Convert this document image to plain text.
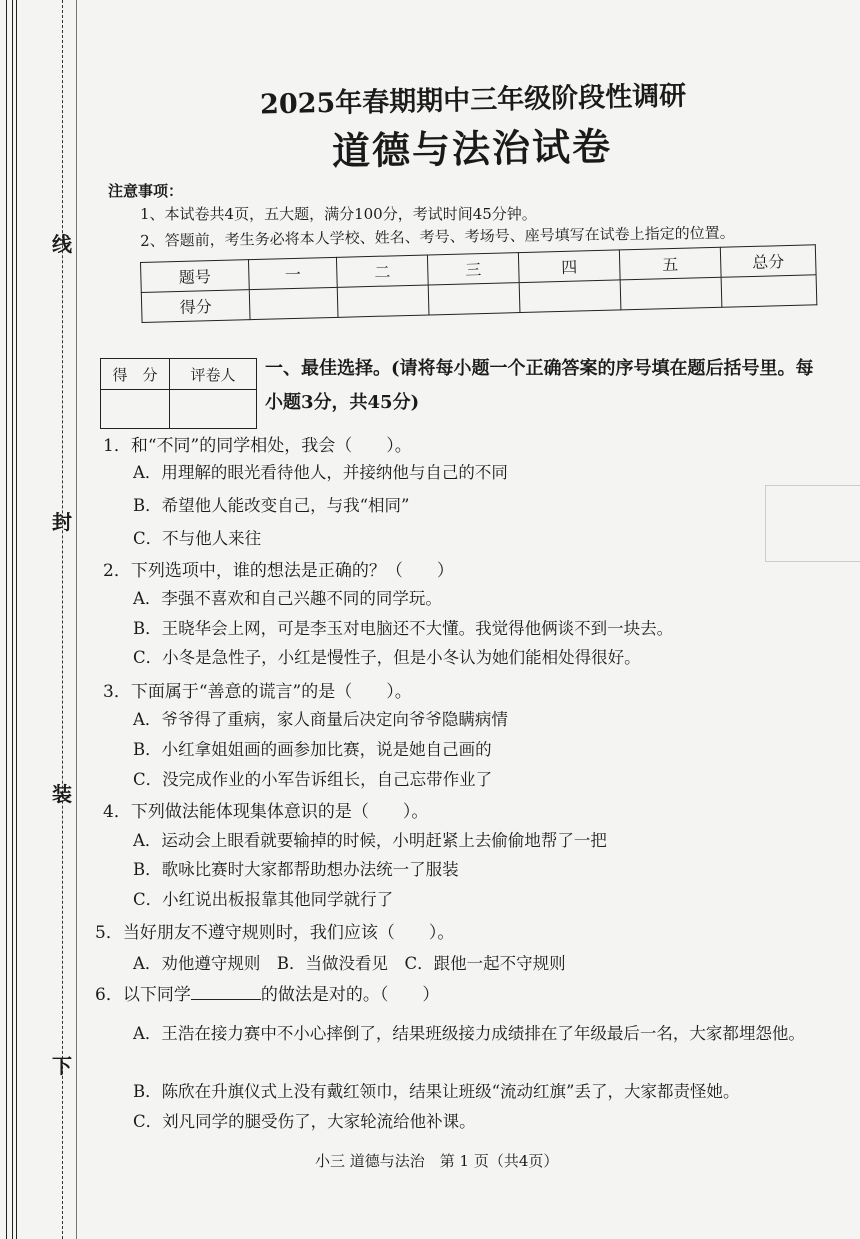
线
封
装
下
2025年春期期中三年级阶段性调研
道德与法治试卷
注意事项：
1、本试卷共4页，五大题，满分100分，考试时间45分钟。
2、答题前，考生务必将本人学校、姓名、考号、考场号、座号填写在试卷上指定的位置。
题号	一	二	三	四	五	总分
得分						
得　分	评卷人
	一、最佳选择。(请将每小题一个正确答案的序号填在题后括号里。每小题3分，共45分)
1．和“不同”的同学相处，我会（　　）。
A．用理解的眼光看待他人，并接纳他与自己的不同
B．希望他人能改变自己，与我“相同”
C．不与他人来往
2．下列选项中，谁的想法是正确的？（　　）
A．李强不喜欢和自己兴趣不同的同学玩。
B．王晓华会上网，可是李玉对电脑还不大懂。我觉得他俩谈不到一块去。
C．小冬是急性子，小红是慢性子，但是小冬认为她们能相处得很好。
3．下面属于“善意的谎言”的是（　　）。
A．爷爷得了重病，家人商量后决定向爷爷隐瞒病情
B．小红拿姐姐画的画参加比赛，说是她自己画的
C．没完成作业的小军告诉组长，自己忘带作业了
4．下列做法能体现集体意识的是（　　）。
A．运动会上眼看就要输掉的时候，小明赶紧上去偷偷地帮了一把
B．歌咏比赛时大家都帮助想办法统一了服装
C．小红说出板报靠其他同学就行了
5．当好朋友不遵守规则时，我们应该（　　）。
A．劝他遵守规则　B．当做没看见　C．跟他一起不守规则
6．以下同学	的做法是对的。（　　）
A．王浩在接力赛中不小心摔倒了，结果班级接力成绩排在了年级最后一名，大家都埋怨他。
B．陈欣在升旗仪式上没有戴红领巾，结果让班级“流动红旗”丢了，大家都责怪她。
C．刘凡同学的腿受伤了，大家轮流给他补课。
小三 道德与法治　第 1 页（共4页）
